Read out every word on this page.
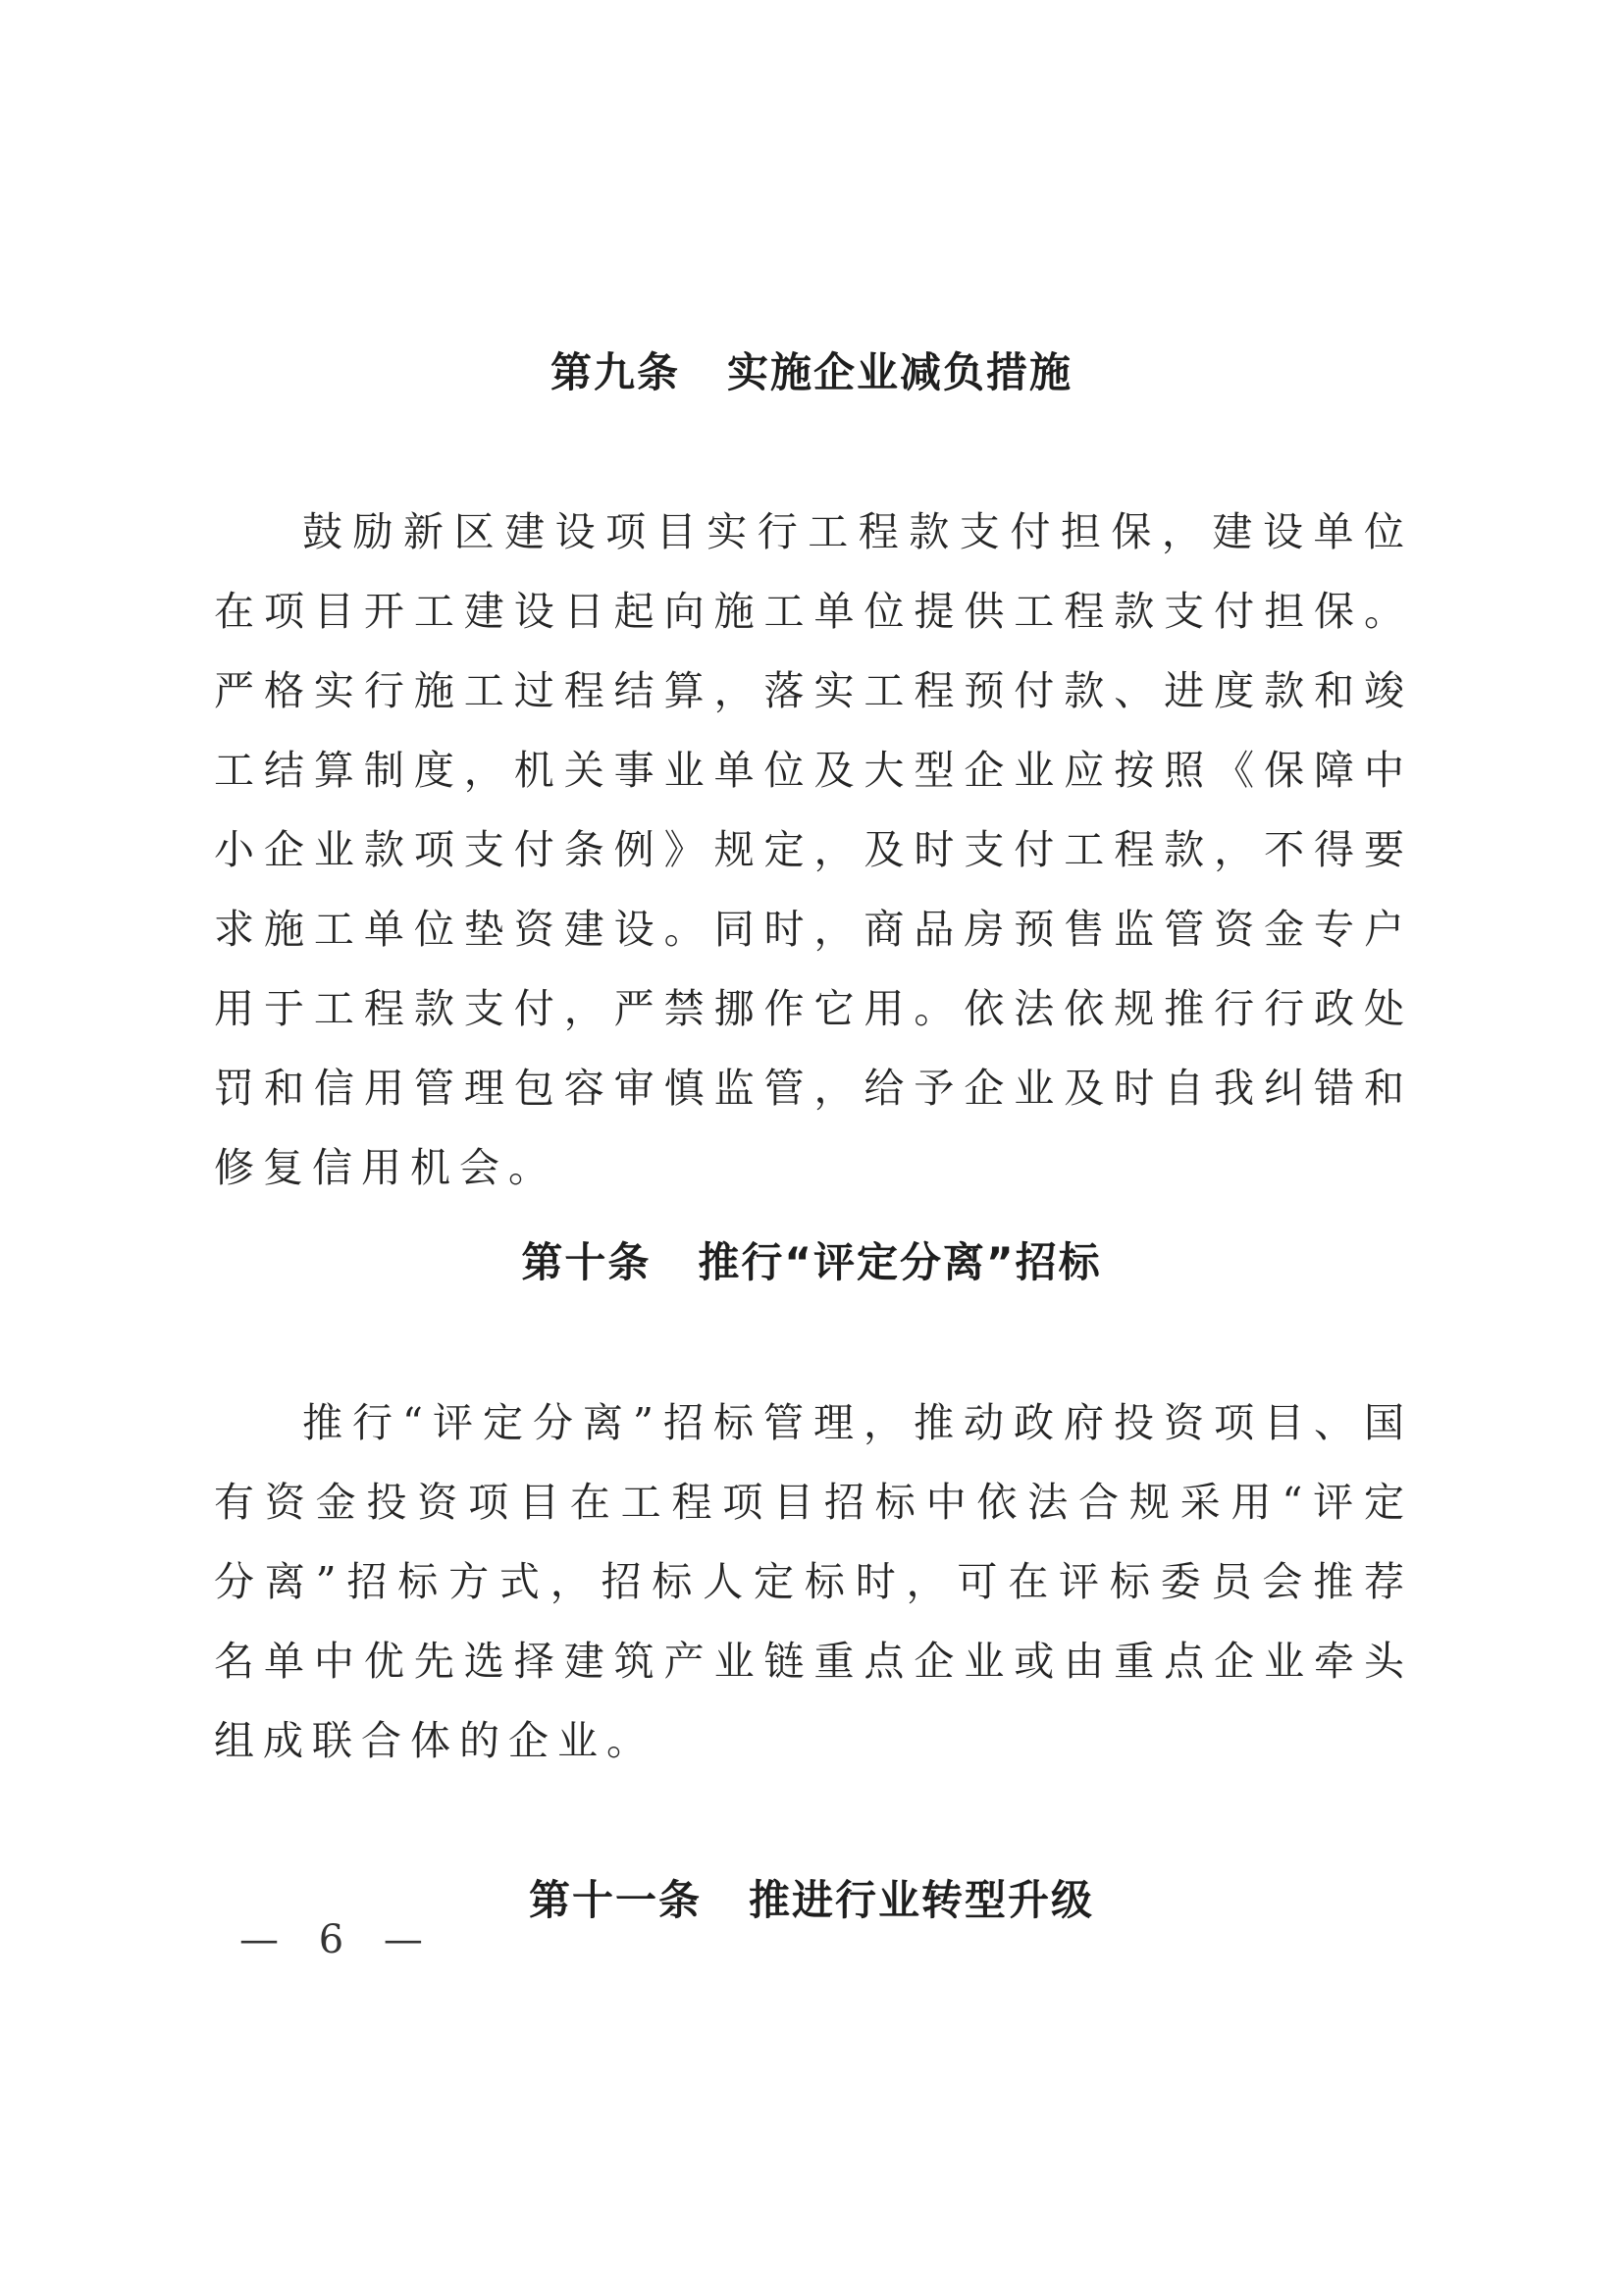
第九条 实施企业减负措施

鼓励新区建设项目实行工程款支付担保，建设单位在项目开工建设日起向施工单位提供工程款支付担保。严格实行施工过程结算，落实工程预付款、进度款和竣工结算制度，机关事业单位及大型企业应按照《保障中小企业款项支付条例》规定，及时支付工程款，不得要求施工单位垫资建设。同时，商品房预售监管资金专户用于工程款支付，严禁挪作它用。依法依规推行行政处罚和信用管理包容审慎监管，给予企业及时自我纠错和修复信用机会。

第十条 推行“评定分离”招标

推行“评定分离”招标管理，推动政府投资项目、国有资金投资项目在工程项目招标中依法合规采用“评定分离”招标方式，招标人定标时，可在评标委员会推荐名单中优先选择建筑产业链重点企业或由重点企业牵头组成联合体的企业。

第十一条 推进行业转型升级
— 6 —
